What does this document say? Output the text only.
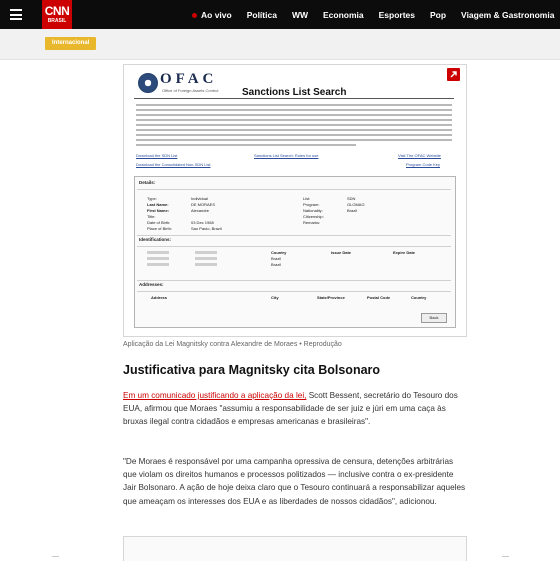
CNN
BRASIL
Ao vivo Política WW Economia Esportes Pop Viagem & Gastronomia
Internacional
OFAC
Office of Foreign Assets Control Sanctions List Search
Download the SDN List	Sanctions List Search: Rules for use	Visit The OFAC Website
Download the Consolidated Non-SDN List	Program Code Key
Details:
Type:	Individual
Last Name:	DE MORAES
First Name:	Alexandre
Title:
Date of Birth:	03 Dec 1968
Place of Birth:	Sao Paulo, Brazil
List:	SDN
Program:	GLOMAG
Nationality:	Brazil
Citizenship:
Remarks:
Identifications:
Country	Issue Date	Expire Date
Brazil
Brazil
Addresses:
Address	City	State/Province	Postal Code	Country
Back
Aplicação da Lei Magnitsky contra Alexandre de Moraes • Reprodução
Justificativa para Magnitsky cita Bolsonaro
Em um comunicado justificando a aplicação da lei, Scott Bessent, secretário do Tesouro dos EUA, afirmou que Moraes "assumiu a responsabilidade de ser juiz e júri em uma caça às bruxas ilegal contra cidadãos e empresas americanas e brasileiras".
"De Moraes é responsável por uma campanha opressiva de censura, detenções arbitrárias que violam os direitos humanos e processos politizados — inclusive contra o ex-presidente Jair Bolsonaro. A ação de hoje deixa claro que o Tesouro continuará a responsabilizar aqueles que ameaçam os interesses dos EUA e as liberdades de nossos cidadãos", adicionou.
